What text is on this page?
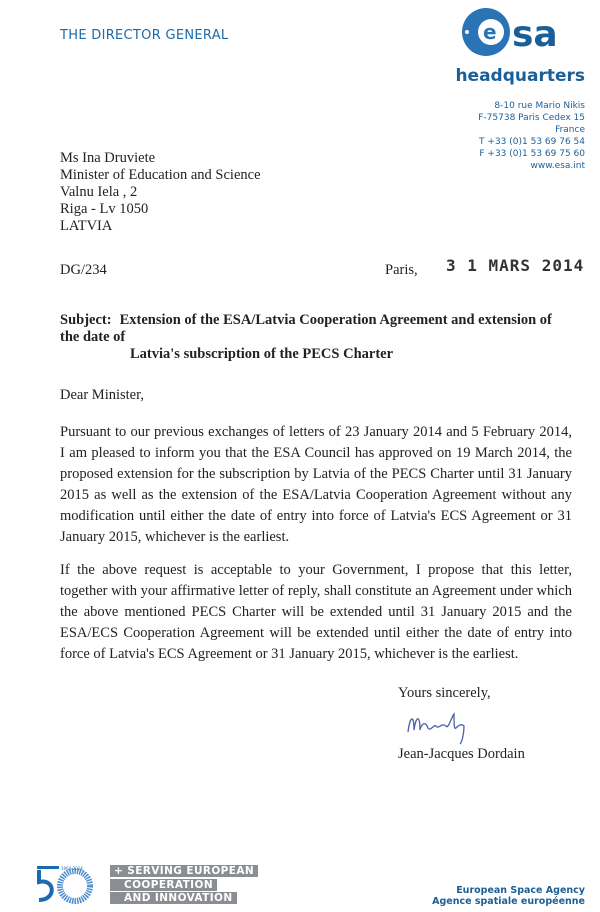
THE DIRECTOR GENERAL	e sa
headquarters
8-10 rue Mario Nikis
F-75738 Paris Cedex 15
France
T +33 (0)1 53 69 76 54
F +33 (0)1 53 69 75 60
www.esa.int
Ms Ina Druviete
Minister of Education and Science
Valnu Iela , 2
Riga - Lv 1050
LATVIA
DG/234	Paris, 3 1 MARS 2014
Subject: Extension of the ESA/Latvia Cooperation Agreement and extension of the date of
Latvia's subscription of the PECS Charter
Dear Minister,
Pursuant to our previous exchanges of letters of 23 January 2014 and 5 February 2014, I am pleased to inform you that the ESA Council has approved on 19 March 2014, the proposed extension for the subscription by Latvia of the PECS Charter until 31 January 2015 as well as the extension of the ESA/Latvia Cooperation Agreement without any modification until either the date of entry into force of Latvia's ECS Agreement or 31 January 2015, whichever is the earliest.
If the above request is acceptable to your Government, I propose that this letter, together with your affirmative letter of reply, shall constitute an Agreement under which the above mentioned PECS Charter will be extended until 31 January 2015 and the ESA/ECS Cooperation Agreement will be extended until either the date of entry into force of Latvia's ECS Agreement or 31 January 2015, whichever is the earliest.
Yours sincerely,
Jean-Jacques Dordain
1964-2014	+ SERVING EUROPEAN
COOPERATION
AND INNOVATION
European Space Agency
Agence spatiale européenne
